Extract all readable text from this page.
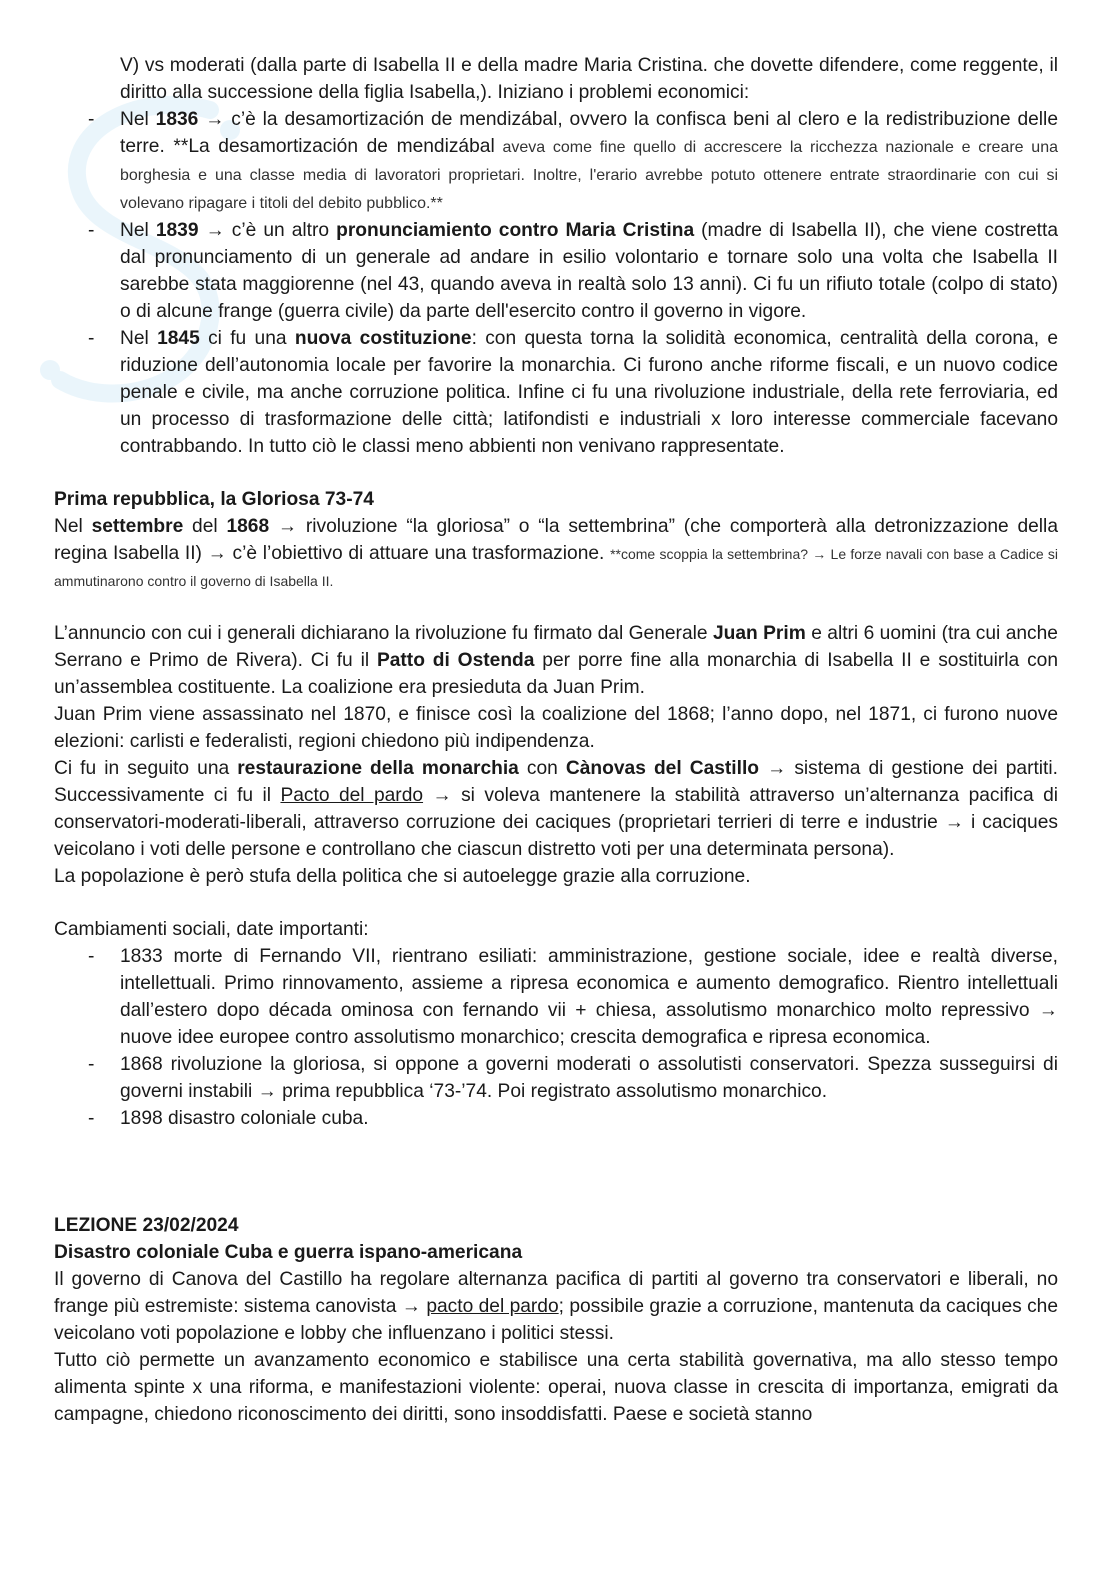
V) vs moderati (dalla parte di Isabella II e della madre Maria Cristina. che dovette difendere, come reggente, il diritto alla successione della figlia Isabella,). Iniziano i problemi economici:

- Nel 1836 → c’è la desamortización de mendizábal, ovvero la confisca beni al clero e la redistribuzione delle terre. **La desamortización de mendizábal aveva come fine quello di accrescere la ricchezza nazionale e creare una borghesia e una classe media di lavoratori proprietari. Inoltre, l'erario avrebbe potuto ottenere entrate straordinarie con cui si volevano ripagare i titoli del debito pubblico.**
- Nel 1839 → c’è un altro pronunciamiento contro Maria Cristina (madre di Isabella II), che viene costretta dal pronunciamento di un generale ad andare in esilio volontario e tornare solo una volta che Isabella II sarebbe stata maggiorenne (nel 43, quando aveva in realtà solo 13 anni). Ci fu un rifiuto totale (colpo di stato) o di alcune frange (guerra civile) da parte dell'esercito contro il governo in vigore.
- Nel 1845 ci fu una nuova costituzione: con questa torna la solidità economica, centralità della corona, e riduzione dell’autonomia locale per favorire la monarchia. Ci furono anche riforme fiscali, e un nuovo codice penale e civile, ma anche corruzione politica. Infine ci fu una rivoluzione industriale, della rete ferroviaria, ed un processo di trasformazione delle città; latifondisti e industriali x loro interesse commerciale facevano contrabbando. In tutto ciò le classi meno abbienti non venivano rappresentate.

Prima repubblica, la Gloriosa 73-74

Nel settembre del 1868 → rivoluzione “la gloriosa” o “la settembrina” (che comporterà alla detronizzazione della regina Isabella II) → c’è l’obiettivo di attuare una trasformazione. **come scoppia la settembrina? → Le forze navali con base a Cadice si ammutinarono contro il governo di Isabella II.

L’annuncio con cui i generali dichiarano la rivoluzione fu firmato dal Generale Juan Prim e altri 6 uomini (tra cui anche Serrano e Primo de Rivera). Ci fu il Patto di Ostenda per porre fine alla monarchia di Isabella II e sostituirla con un’assemblea costituente. La coalizione era presieduta da Juan Prim.

Juan Prim viene assassinato nel 1870, e finisce così la coalizione del 1868; l’anno dopo, nel 1871, ci furono nuove elezioni: carlisti e federalisti, regioni chiedono più indipendenza.

Ci fu in seguito una restaurazione della monarchia con Cànovas del Castillo → sistema di gestione dei partiti. Successivamente ci fu il Pacto del pardo → si voleva mantenere la stabilità attraverso un’alternanza pacifica di conservatori-moderati-liberali, attraverso corruzione dei caciques (proprietari terrieri di terre e industrie → i caciques veicolano i voti delle persone e controllano che ciascun distretto voti per una determinata persona).

La popolazione è però stufa della politica che si autoelegge grazie alla corruzione.

Cambiamenti sociali, date importanti:

- 1833 morte di Fernando VII, rientrano esiliati: amministrazione, gestione sociale, idee e realtà diverse, intellettuali. Primo rinnovamento, assieme a ripresa economica e aumento demografico. Rientro intellettuali dall’estero dopo década ominosa con fernando vii + chiesa, assolutismo monarchico molto repressivo → nuove idee europee contro assolutismo monarchico; crescita demografica e ripresa economica.
- 1868 rivoluzione la gloriosa, si oppone a governi moderati o assolutisti conservatori. Spezza susseguirsi di governi instabili → prima repubblica ‘73-’74. Poi registrato assolutismo monarchico.
- 1898 disastro coloniale cuba.

LEZIONE 23/02/2024

Disastro coloniale Cuba e guerra ispano-americana

Il governo di Canova del Castillo ha regolare alternanza pacifica di partiti al governo tra conservatori e liberali, no frange più estremiste: sistema canovista → pacto del pardo; possibile grazie a corruzione, mantenuta da caciques che veicolano voti popolazione e lobby che influenzano i politici stessi.

Tutto ciò permette un avanzamento economico e stabilisce una certa stabilità governativa, ma allo stesso tempo alimenta spinte x una riforma, e manifestazioni violente: operai, nuova classe in crescita di importanza, emigrati da campagne, chiedono riconoscimento dei diritti, sono insoddisfatti. Paese e società stanno
